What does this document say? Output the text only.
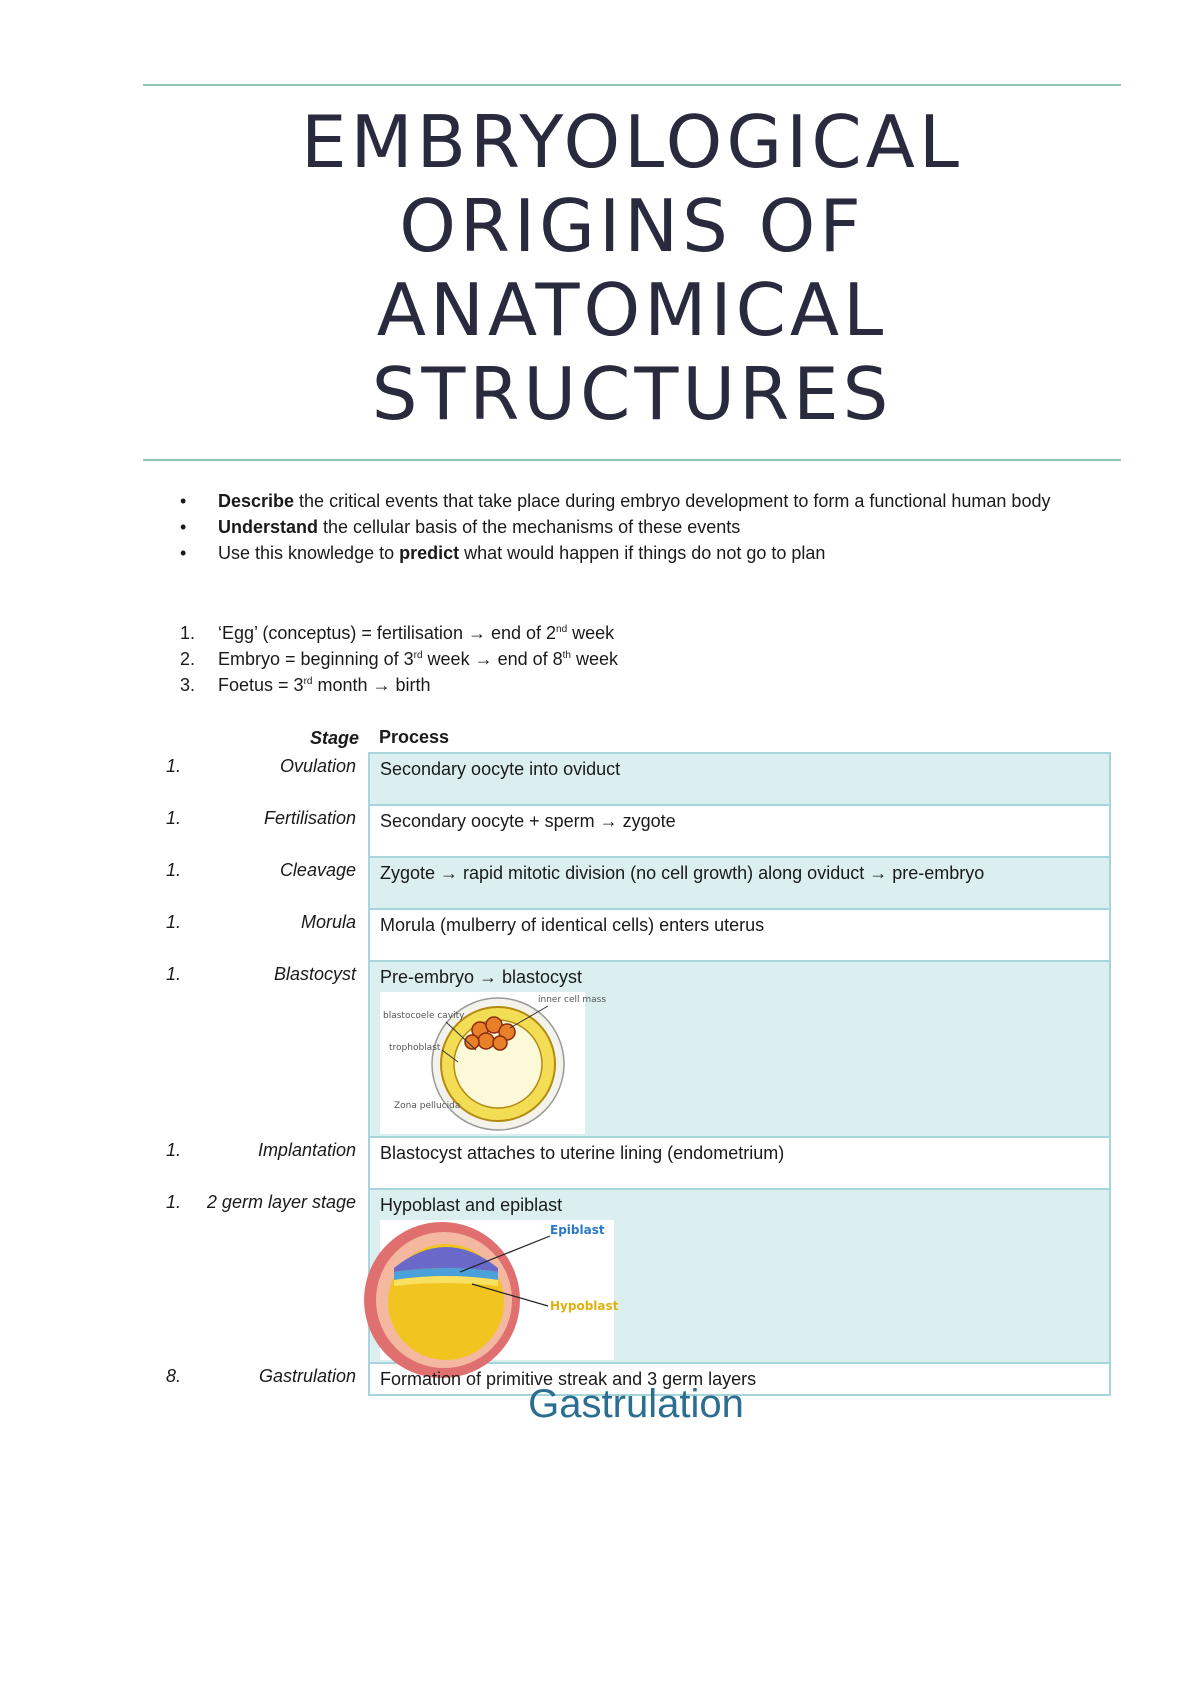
EMBRYOLOGICAL
ORIGINS OF
ANATOMICAL
STRUCTURES
• Describe the critical events that take place during embryo development to form a functional human body
• Understand the cellular basis of the mechanisms of these events
• Use this knowledge to predict what would happen if things do not go to plan
1. ‘Egg’ (conceptus) = fertilisation → end of 2nd week
2. Embryo = beginning of 3rd week → end of 8th week
3. Foetus = 3rd month → birth
	Stage	Process
1.	Ovulation	Secondary oocyte into oviduct
1.	Fertilisation	Secondary oocyte + sperm → zygote
1.	Cleavage	Zygote → rapid mitotic division (no cell growth) along oviduct → pre-embryo
1.	Morula	Morula (mulberry of identical cells) enters uterus
1.	Blastocyst	Pre-embryo → blastocyst
inner cell mass
blastocoele cavity
trophoblast
Zona pellucida

1.	Implantation	Blastocyst attaches to uterine lining (endometrium)
1.	2 germ layer stage	Hypoblast and epiblast
Epiblast
Hypoblast

8.	Gastrulation	Formation of primitive streak and 3 germ layers
Gastrulation
